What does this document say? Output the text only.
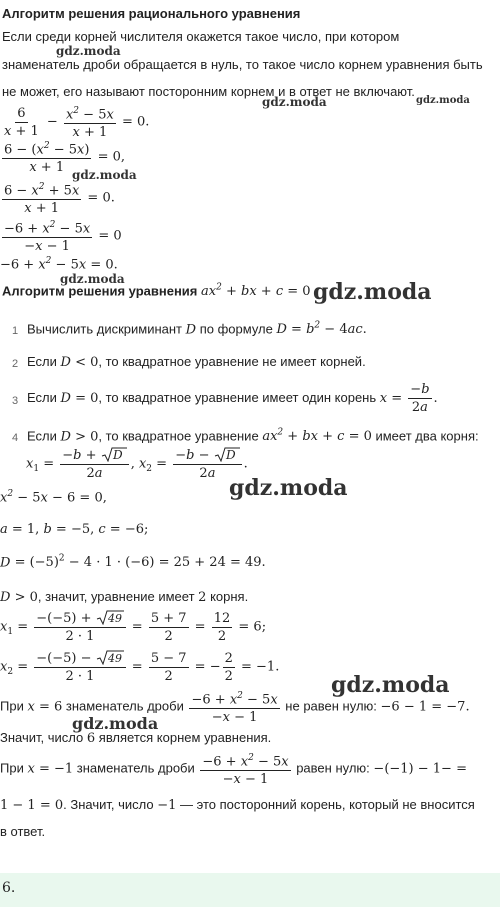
Алгоритм решения рационального уравнения
Если среди корней числителя окажется такое число, при котором
знаменатель дроби обращается в нуль, то такое число корнем уравнения быть
не может, его называют посторонним корнем и в ответ не включают.
$\frac{6}{x + 1} - \frac{x^2 - 5x}{x + 1} = 0$.
$\frac{6 - (x^2 - 5x)}{x + 1} = 0$,
$\frac{6 - x^2 + 5x}{x + 1} = 0$.
$\frac{-6 + x^2 - 5x}{-x - 1} = 0$
$-6 + x^2 - 5x = 0$.
Алгоритм решения уравнения $ax^2$ + bx + c = 0
1 Вычислить дискриминант D по формуле $D = b^2 - 4ac$.
2 Если D < 0, то квадратное уравнение не имеет корней.
3 Если D = 0, то квадратное уравнение имеет один корень $x = \frac{-b}{2a}$ .
4 Если D > 0, то квадратное уравнение $ax^2$ + bx + c = 0 имеет два корня:
$x_1 = \frac{-b + D}{2a}$ , $x_2 = \frac{-b - D}{2a}$ .
$x^2 - 5x - 6 = 0$,
a = 1, b = −5, c = −6;
$D = (-5)^2 - 4 \cdot 1 \cdot (-6) = 25 + 24 = 49$.
D > 0, значит, уравнение имеет 2 корня.
$x_1 = \frac{-(-5) + 49}{2 \cdot 1} = \frac{5 + 7}{2} = \frac{12}{2} = 6$;
$x_2 = \frac{-(-5) - 49}{2 \cdot 1} = \frac{5 - 7}{2}$ = − $\frac{2}{2} = -1$.
При x = 6 знаменатель дроби $\frac{-6 + x^2 - 5x}{-x - 1}$ не равен нулю: −6 − 1 = −7.
Значит, число 6 является корнем уравнения.
При x = −1 знаменатель дроби $\frac{-6 + x^2 - 5x}{-x - 1}$ равен нулю: −(−1) − 1− =
1 − 1 = 0. Значит, число −1 — это посторонний корень, который не вносится
в ответ.
6.
gdz.moda
gdz.moda	gdz.moda
gdz.moda
gdz.moda	gdz.moda
gdz.moda
gdz.moda
gdz.moda
